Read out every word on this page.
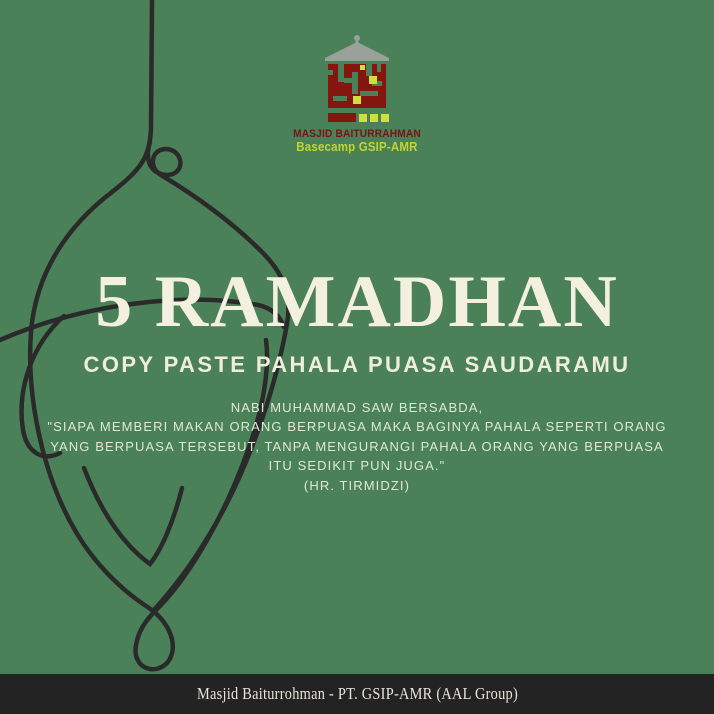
MASJID BAITURRAHMAN
Basecamp GSIP-AMR
5 RAMADHAN
COPY PASTE PAHALA PUASA SAUDARAMU
NABI MUHAMMAD SAW BERSABDA,
"SIAPA MEMBERI MAKAN ORANG BERPUASA MAKA BAGINYA PAHALA SEPERTI ORANG
YANG BERPUASA TERSEBUT, TANPA MENGURANGI PAHALA ORANG YANG BERPUASA
ITU SEDIKIT PUN JUGA."
(HR. TIRMIDZI)
Masjid Baiturrohman - PT. GSIP-AMR (AAL Group)
